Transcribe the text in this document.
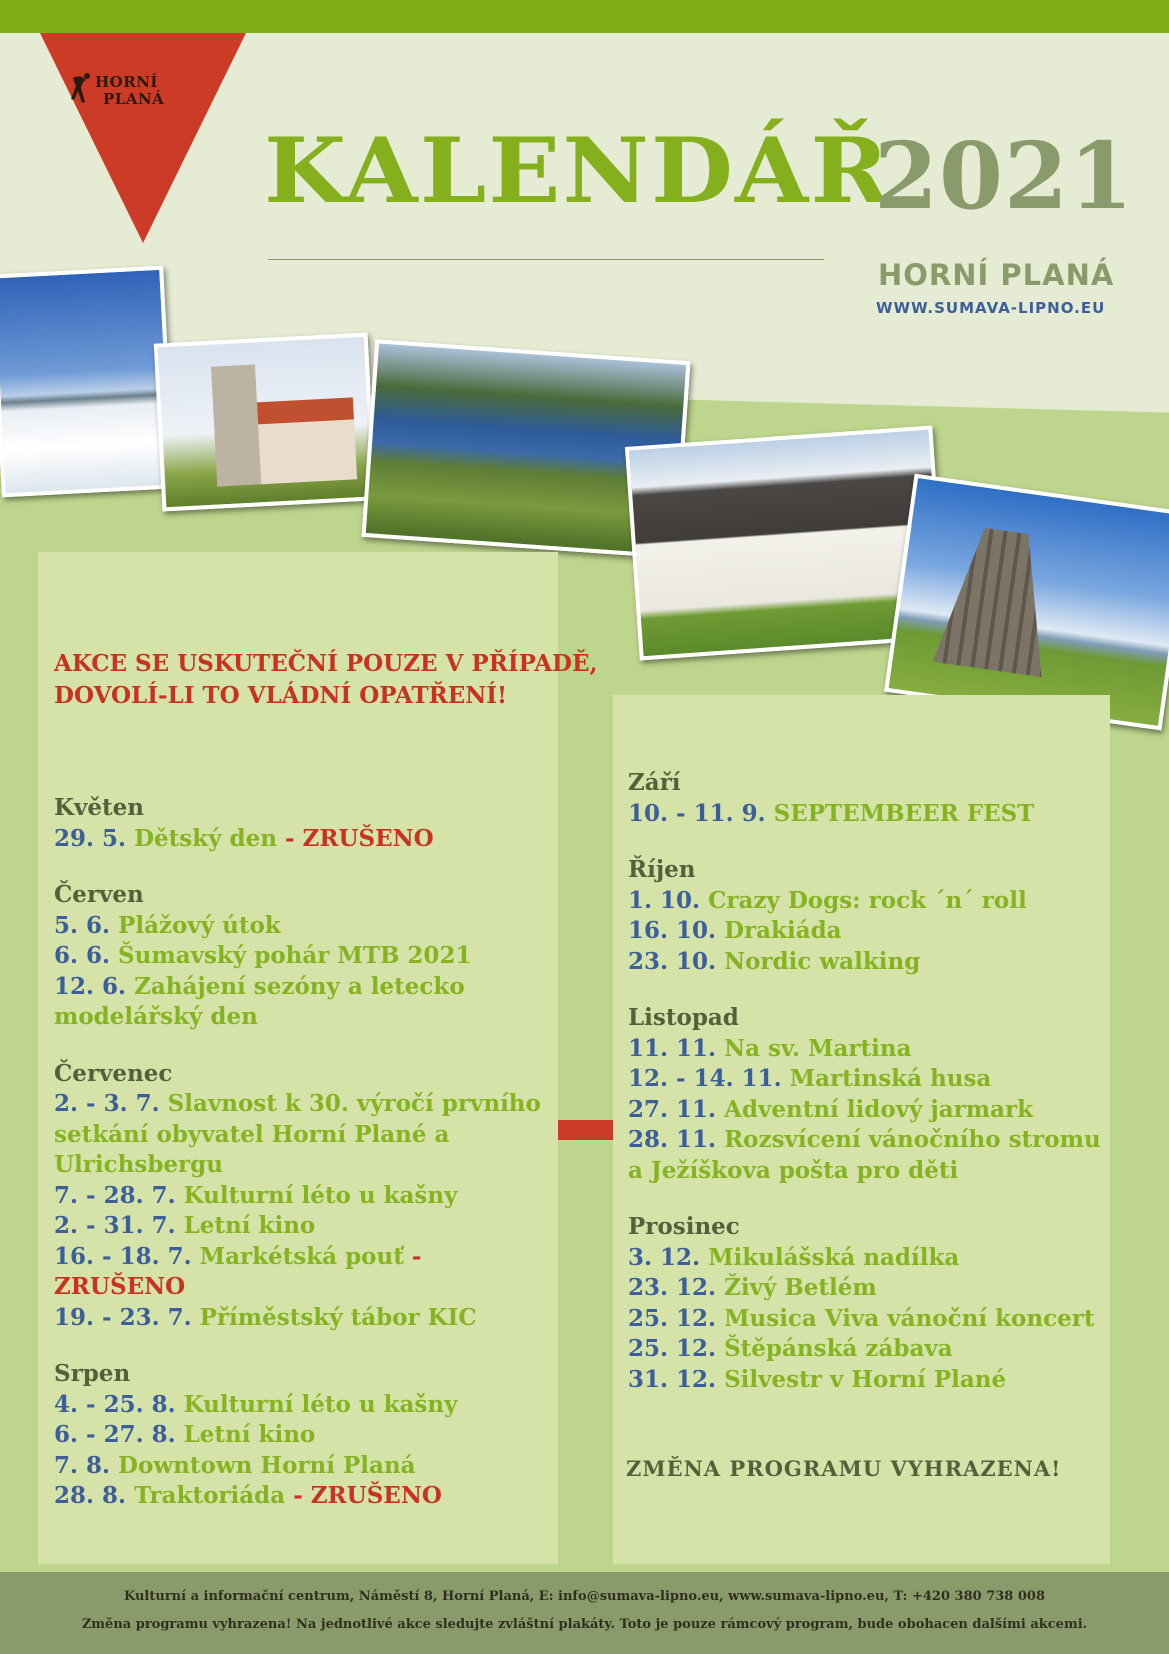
HORNÍ
PLANÁ
KALENDÁŘ
2021
HORNÍ PLANÁ
WWW.SUMAVA-LIPNO.EU
AKCE SE USKUTEČNÍ POUZE V PŘÍPADĚ,
DOVOLÍ-LI TO VLÁDNÍ OPATŘENÍ!
Květen
29. 5. Dětský den - ZRUŠENO
Červen
5. 6. Plážový útok
6. 6. Šumavský pohár MTB 2021
12. 6. Zahájení sezóny a letecko modelářský den
Červenec
2. - 3. 7. Slavnost k 30. výročí prvního setkání obyvatel Horní Plané a Ulrichsbergu
7. - 28. 7. Kulturní léto u kašny
2. - 31. 7. Letní kino
16. - 18. 7. Markétská pouť - ZRUŠENO
19. - 23. 7. Příměstský tábor KIC
Srpen
4. - 25. 8. Kulturní léto u kašny
6. - 27. 8. Letní kino
7. 8. Downtown Horní Planá
28. 8. Traktoriáda - ZRUŠENO
Září
10. - 11. 9. SEPTEMBEER FEST
Říjen
1. 10. Crazy Dogs: rock ´n´ roll
16. 10. Drakiáda
23. 10. Nordic walking
Listopad
11. 11. Na sv. Martina
12. - 14. 11. Martinská husa
27. 11. Adventní lidový jarmark
28. 11. Rozsvícení vánočního stromu a Ježíškova pošta pro děti
Prosinec
3. 12. Mikulášská nadílka
23. 12. Živý Betlém
25. 12. Musica Viva vánoční koncert
25. 12. Štěpánská zábava
31. 12. Silvestr v Horní Plané
ZMĚNA PROGRAMU VYHRAZENA!

Kulturní a informační centrum, Náměstí 8, Horní Planá, E: info@sumava-lipno.eu, www.sumava-lipno.eu, T: +420 380 738 008

Změna programu vyhrazena! Na jednotlivé akce sledujte zvláštní plakáty. Toto je pouze rámcový program, bude obohacen dalšími akcemi.
